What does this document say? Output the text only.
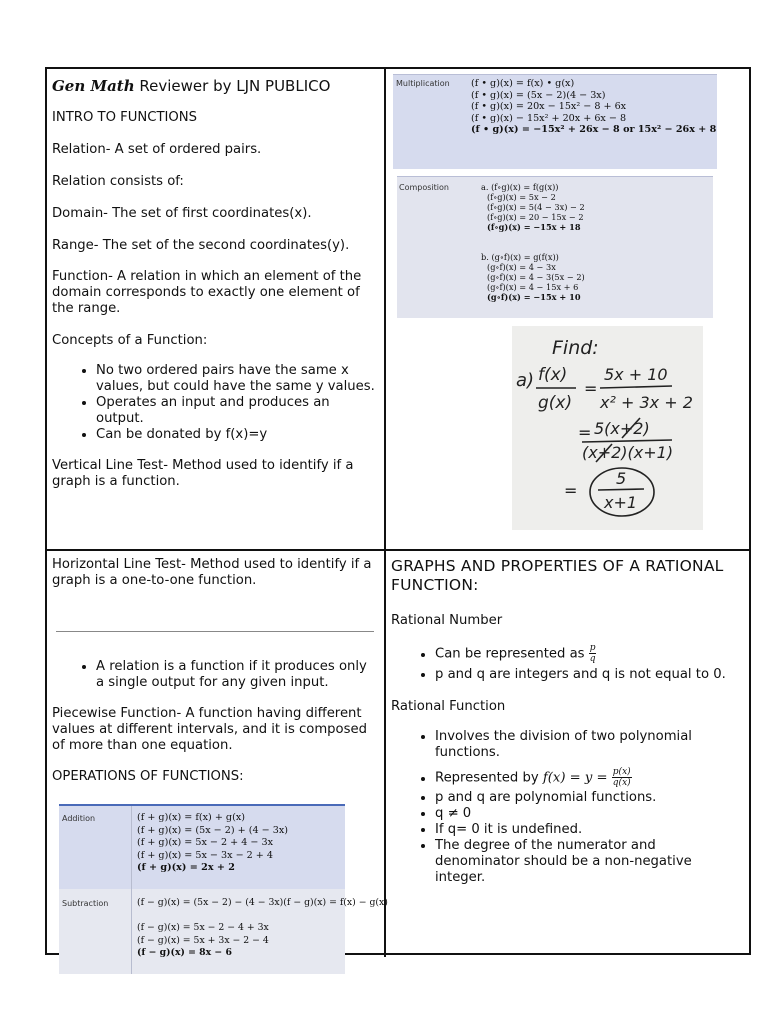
Gen Math Reviewer by LJN PUBLICO

INTRO TO FUNCTIONS

Relation- A set of ordered pairs.

Relation consists of:

Domain- The set of first coordinates(x).

Range- The set of the second coordinates(y).

Function- A relation in which an element of the domain corresponds to exactly one element of the range.

Concepts of a Function:

• No two ordered pairs have the same x values, but could have the same y values.
• Operates an input and produces an output.
• Can be donated by f(x)=y

Vertical Line Test- Method used to identify if a graph is a function.

Multiplication (f • g)(x) = f(x) • g(x)
(f • g)(x) = (5x − 2)(4 − 3x)
(f • g)(x) = 20x − 15x² − 8 + 6x
(f • g)(x) − 15x² + 20x + 6x − 8
(f • g)(x) = −15x² + 26x − 8 or 15x² − 26x + 8
Composition	a. (f∘g)(x) = f(g(x))
(f∘g)(x) = 5x − 2
(f∘g)(x) = 5(4 − 3x) − 2
(f∘g)(x) = 20 − 15x − 2
(f∘g)(x) = −15x + 18
b. (g∘f)(x) = g(f(x))
(g∘f)(x) = 4 − 3x
(g∘f)(x) = 4 − 3(5x − 2)
(g∘f)(x) = 4 − 15x + 6
(g∘f)(x) = −15x + 10
Find:
a) f(x)
g(x)
=
5x + 10
x² + 3x + 2
= 5(x+2)
(x+2)(x+1)
=
5
x+1

Horizontal Line Test- Method used to identify if a graph is a one-to-one function.

• A relation is a function if it produces only a single output for any given input.

Piecewise Function- A function having different values at different intervals, and it is composed of more than one equation.

OPERATIONS OF FUNCTIONS:

Addition	(f + g)(x) = f(x) + g(x)
(f + g)(x) = (5x − 2) + (4 − 3x)
(f + g)(x) = 5x − 2 + 4 − 3x
(f + g)(x) = 5x − 3x − 2 + 4
(f + g)(x) = 2x + 2
Subtraction	(f − g)(x) = (5x − 2) − (4 − 3x)(f − g)(x) = f(x) − g(x)
(f − g)(x) = 5x − 2 − 4 + 3x
(f − g)(x) = 5x + 3x − 2 − 4
(f − g)(x) = 8x − 6

GRAPHS AND PROPERTIES OF A RATIONAL FUNCTION:

Rational Number

• Can be represented as $\frac{p}{q}$
• p and q are integers and q is not equal to 0.

Rational Function

• Involves the division of two polynomial functions.
• Represented by $f(x) = y = \frac{p(x)}{q(x)}$
• p and q are polynomial functions.
• q ≠ 0
• If q= 0 it is undefined.
• The degree of the numerator and denominator should be a non-negative integer.
